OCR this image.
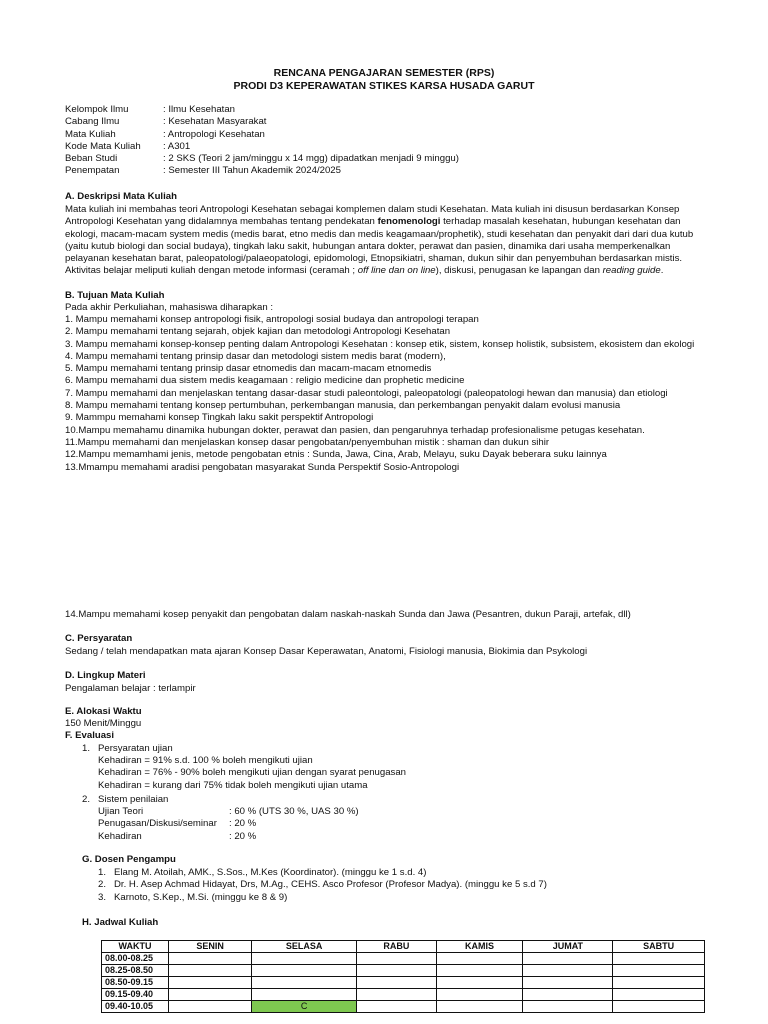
RENCANA PENGAJARAN SEMESTER (RPS)
PRODI D3 KEPERAWATAN STIKES KARSA HUSADA GARUT
Kelompok Ilmu	: Ilmu Kesehatan
Cabang Ilmu	: Kesehatan Masyarakat
Mata Kuliah	: Antropologi Kesehatan
Kode Mata Kuliah	: A301
Beban Studi	: 2 SKS (Teori 2 jam/minggu x 14 mgg) dipadatkan menjadi 9 minggu)
Penempatan	: Semester III Tahun Akademik 2024/2025
A. Deskripsi Mata Kuliah

Mata kuliah ini membahas teori Antropologi Kesehatan sebagai komplemen dalam studi Kesehatan. Mata kuliah ini disusun berdasarkan Konsep Antropologi Kesehatan yang didalamnya membahas tentang pendekatan fenomenologi terhadap masalah kesehatan, hubungan kesehatan dan ekologi, macam-macam system medis (medis barat, etno medis dan medis keagamaan/prophetik), studi kesehatan dan penyakit dari dari dua kutub (yaitu kutub biologi dan social budaya), tingkah laku sakit, hubungan antara dokter, perawat dan pasien, dinamika dari usaha memperkenalkan pelayanan kesehatan barat, paleopatologi/palaeopatologi, epidomologi, Etnopsikiatri, shaman, dukun sihir dan penyembuhan berdasarkan mistis.

Aktivitas belajar meliputi kuliah dengan metode informasi (ceramah ; off line dan on line), diskusi, penugasan ke lapangan dan reading guide.

B. Tujuan Mata Kuliah
Pada akhir Perkuliahan, mahasiswa diharapkan :
1. Mampu memahami konsep antropologi fisik, antropologi sosial budaya dan antropologi terapan
2. Mampu memahami tentang sejarah, objek kajian dan metodologi Antropologi Kesehatan
3. Mampu memahami konsep-konsep penting dalam Antropologi Kesehatan : konsep etik, sistem, konsep holistik, subsistem, ekosistem dan ekologi
4. Mampu memahami tentang prinsip dasar dan metodologi sistem medis barat (modern),
5. Mampu memahami tentang prinsip dasar etnomedis dan macam-macam etnomedis
6. Mampu memahami dua sistem medis keagamaan : religio medicine dan prophetic medicine
7. Mampu memahami dan menjelaskan tentang dasar-dasar studi paleontologi, paleopatologi (paleopatologi hewan dan manusia) dan etiologi
8. Mampu memahami tentang konsep pertumbuhan, perkembangan manusia, dan perkembangan penyakit dalam evolusi manusia
9. Mammpu memahami konsep Tingkah laku sakit perspektif Antropologi
10.Mampu memahamu dinamika hubungan dokter, perawat dan pasien, dan pengaruhnya terhadap profesionalisme petugas kesehatan.
11.Mampu memahami dan menjelaskan konsep dasar pengobatan/penyembuhan mistik : shaman dan dukun sihir
12.Mampu memamhami jenis, metode pengobatan etnis : Sunda, Jawa, Cina, Arab, Melayu, suku Dayak beberara suku lainnya
13.Mmampu memahami aradisi pengobatan masyarakat Sunda Perspektif Sosio-Antropologi
14.Mampu memahami kosep penyakit dan pengobatan dalam naskah-naskah Sunda dan Jawa (Pesantren, dukun Paraji, artefak, dll)
C. Persyaratan
Sedang / telah mendapatkan mata ajaran Konsep Dasar Keperawatan, Anatomi, Fisiologi manusia, Biokimia dan Psykologi
D. Lingkup Materi
Pengalaman belajar : terlampir
E. Alokasi Waktu
150 Menit/Minggu
F. Evaluasi
1. Persyaratan ujian
Kehadiran = 91% s.d. 100 % boleh mengikuti ujian
Kehadiran = 76% - 90% boleh mengikuti ujian dengan syarat penugasan
Kehadiran = kurang dari 75% tidak boleh mengikuti ujian utama
2. Sistem penilaian
Ujian Teori	: 60 % (UTS 30 %, UAS 30 %)
Penugasan/Diskusi/seminar	: 20 %
Kehadiran	: 20 %
G. Dosen Pengampu
1. Elang M. Atoilah, AMK., S.Sos., M.Kes (Koordinator). (minggu ke 1 s.d. 4)
2. Dr. H. Asep Achmad Hidayat, Drs, M.Ag., CEHS. Asco Profesor (Profesor Madya). (minggu ke 5 s.d 7)
3. Karnoto, S.Kep., M.Si. (minggu ke 8 & 9)
H. Jadwal Kuliah
WAKTU	SENIN	SELASA	RABU	KAMIS	JUMAT	SABTU
08.00-08.25						
08.25-08.50						
08.50-09.15						
09.15-09.40						
09.40-10.05		C				
